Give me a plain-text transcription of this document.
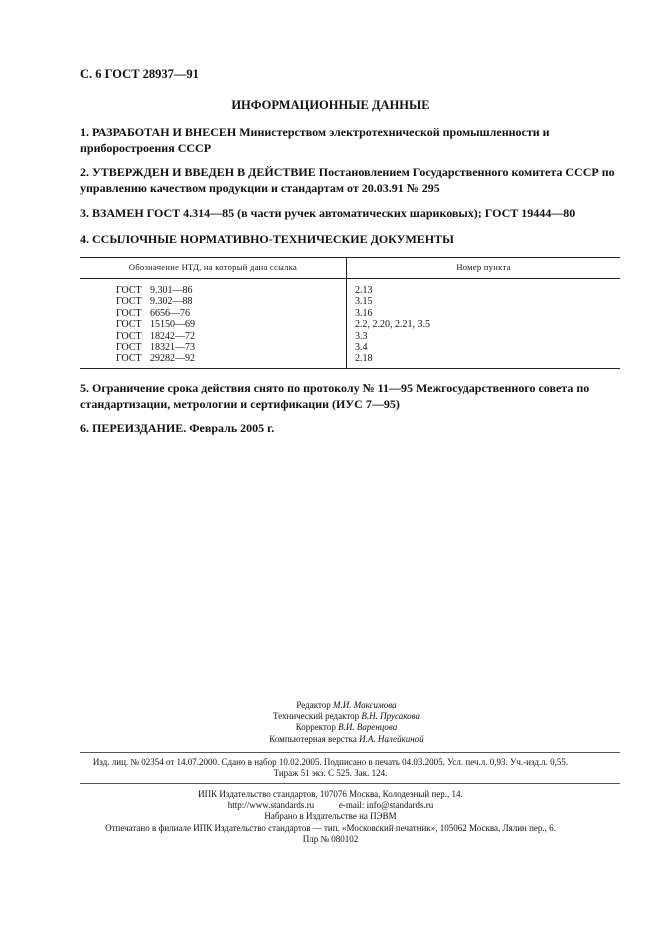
С. 6 ГОСТ 28937—91
ИНФОРМАЦИОННЫЕ ДАННЫЕ
1. РАЗРАБОТАН И ВНЕСЕН Министерством электротехнической промышленности и приборостроения СССР
2. УТВЕРЖДЕН И ВВЕДЕН В ДЕЙСТВИЕ Постановлением Государственного комитета СССР по управлению качеством продукции и стандартам от 20.03.91 № 295
3. ВЗАМЕН ГОСТ 4.314—85 (в части ручек автоматических шариковых); ГОСТ 19444—80
4. ССЫЛОЧНЫЕ НОРМАТИВНО-ТЕХНИЧЕСКИЕ ДОКУМЕНТЫ
Обозначение НТД, на который дана ссылка	Номер пункта
ГОСТ 9.301—86	2.13
ГОСТ 9.302—88	3.15
ГОСТ 6656—76	3.16
ГОСТ 15150—69	2.2, 2.20, 2.21, 3.5
ГОСТ 18242—72	3.3
ГОСТ 18321—73	3.4
ГОСТ 29282—92	2.18
5. Ограничение срока действия снято по протоколу № 11—95 Межгосударственного совета по стандартизации, метрологии и сертификации (ИУС 7—95)
6. ПЕРЕИЗДАНИЕ. Февраль 2005 г.
Редактор М.И. Максимова
Технический редактор В.Н. Прусакова
Корректор В.И. Варенцова
Компьютерная верстка И.А. Налейкиной
Изд. лиц. № 02354 от 14.07.2000. Сдано в набор 10.02.2005. Подписано в печать 04.03.2005. Усл. печ.л. 0,93. Уч.-изд.л. 0,55.
Тираж 51 экз. С 525. Зак. 124.
ИПК Издательство стандартов, 107076 Москва, Колодезный пер., 14.
http://www.standards.ru           e-mail: info@standards.ru
Набрано в Издательстве на ПЭВМ
Отпечатано в филиале ИПК Издательство стандартов — тип. «Московский печатник», 105062 Москва, Лялин пер., 6.
Плр № 080102
